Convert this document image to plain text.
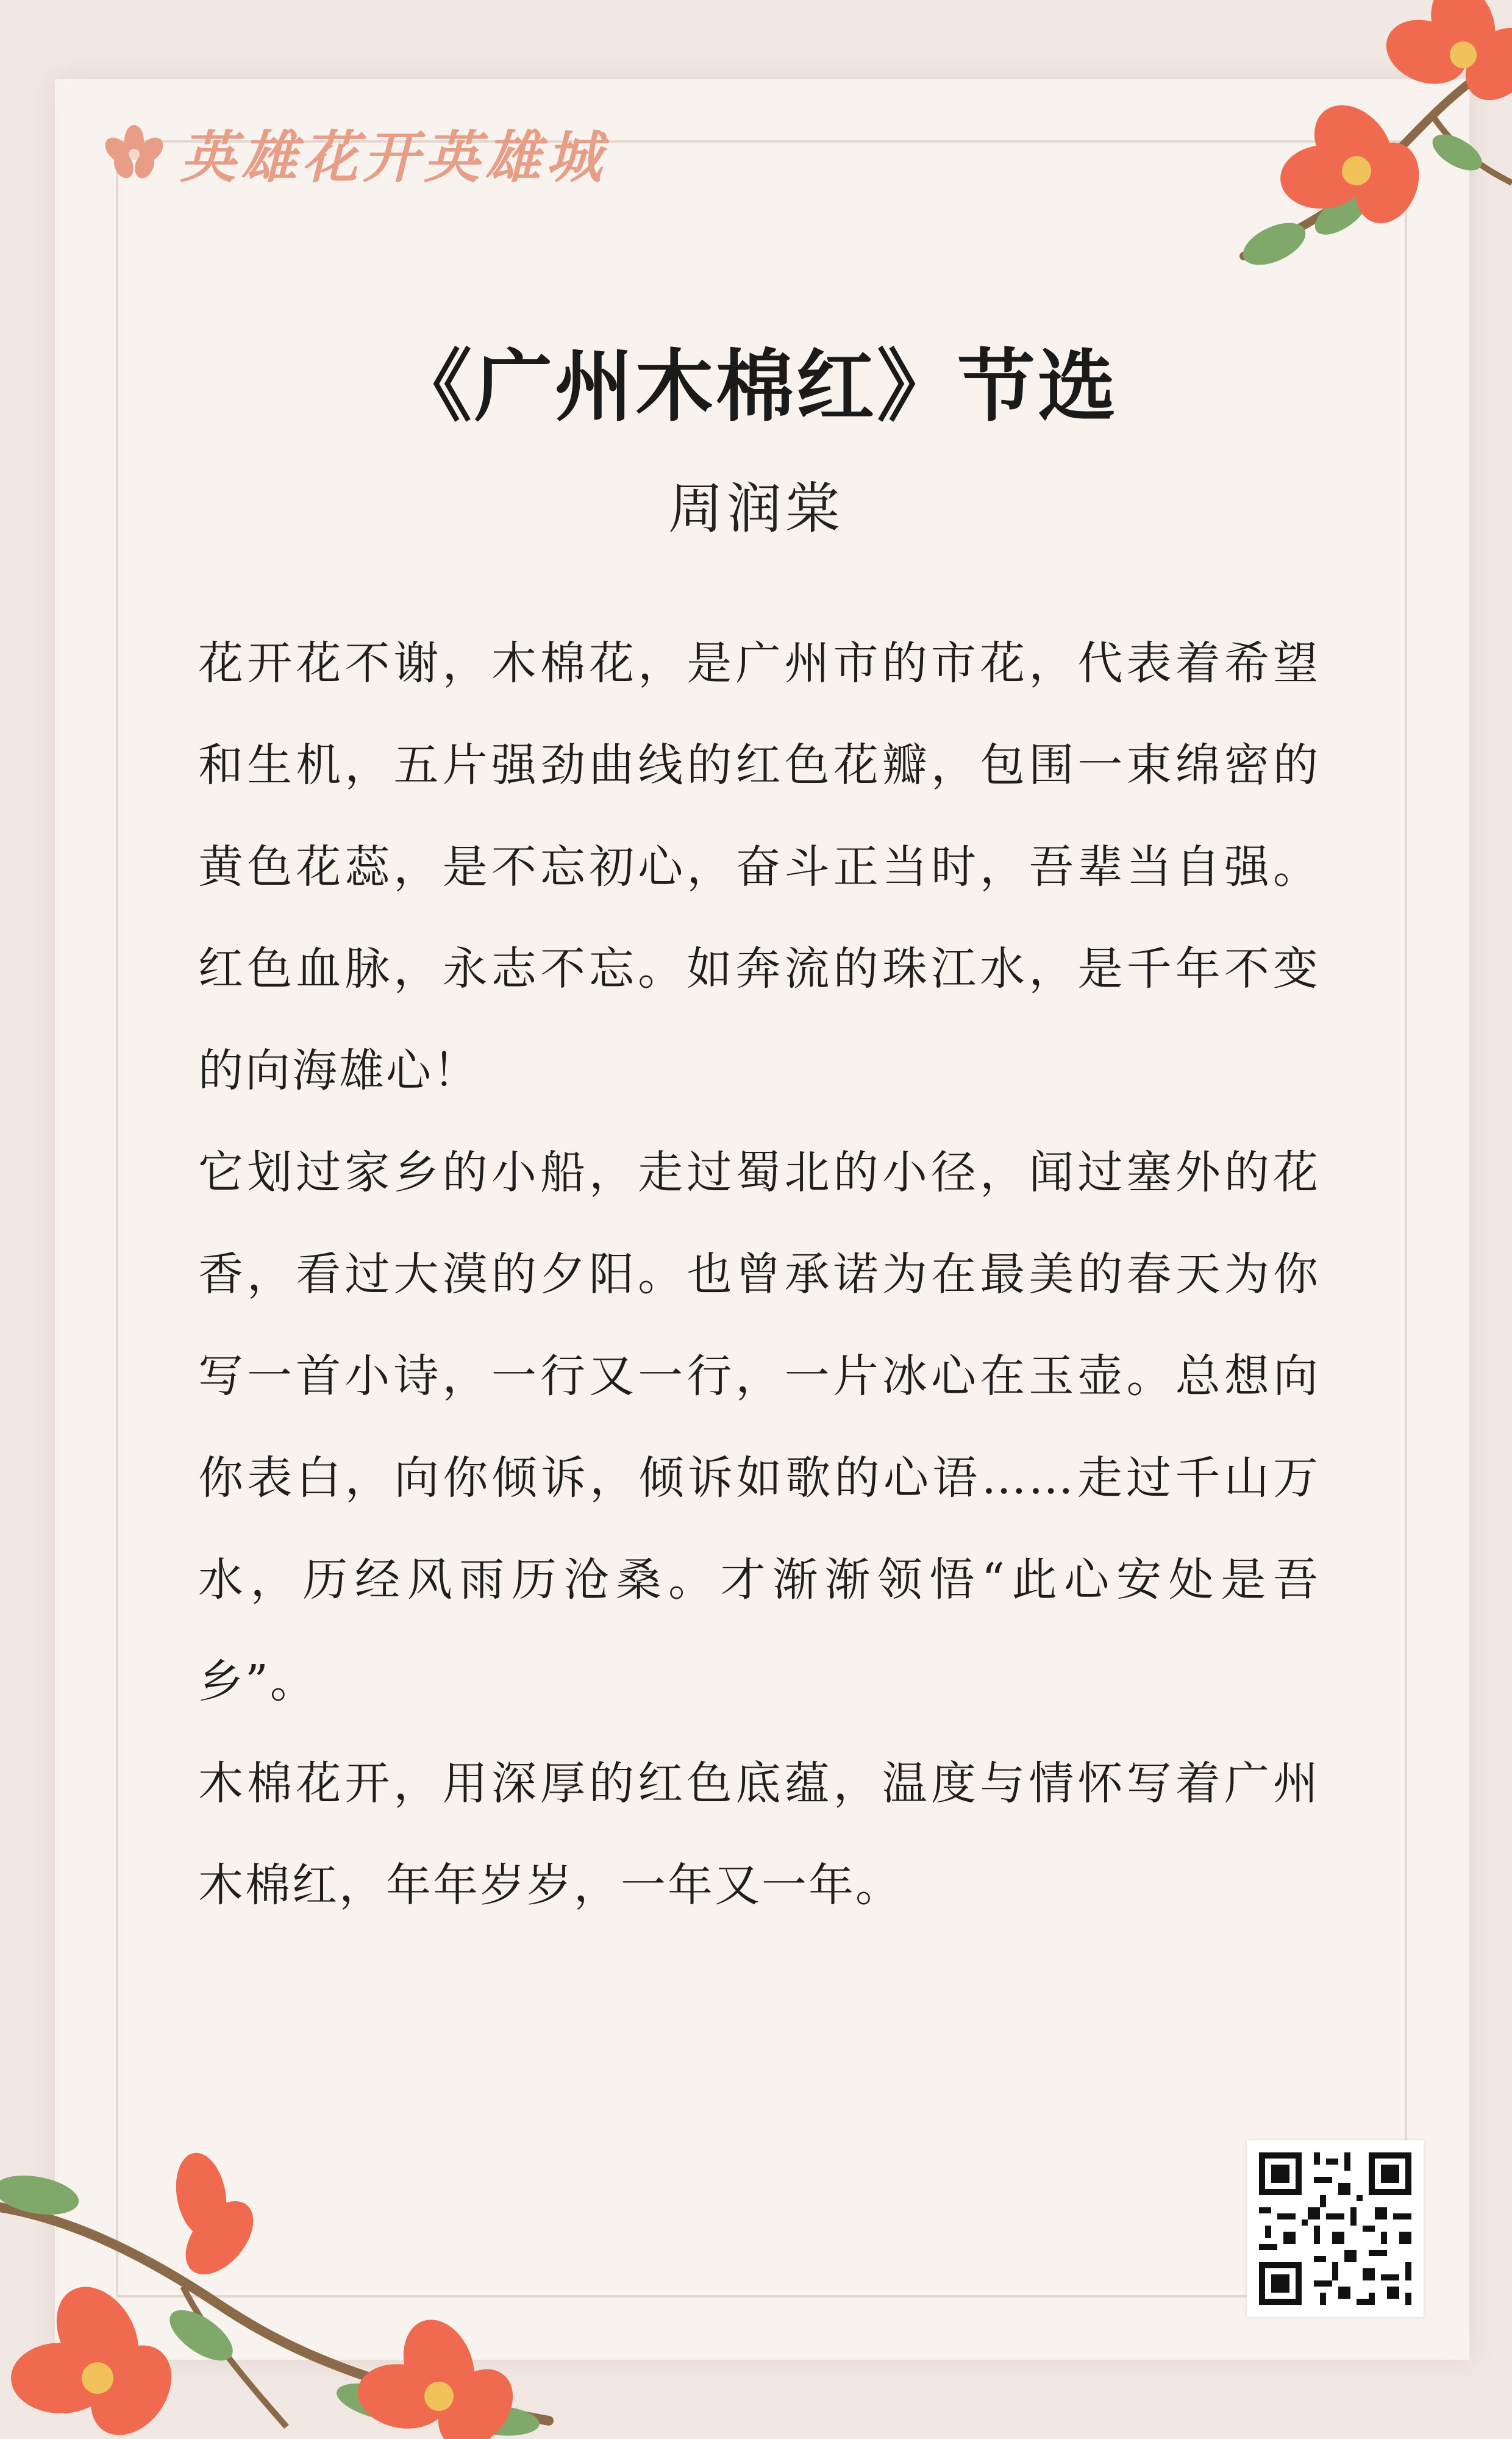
英雄花开英雄城
《广州木棉红》节选
周润棠

花开花不谢，木棉花，是广州市的市花，代表着希望和生机，五片强劲曲线的红色花瓣，包围一束绵密的黄色花蕊，是不忘初心，奋斗正当时，吾辈当自强。红色血脉，永志不忘。如奔流的珠江水，是千年不变的向海雄心！

它划过家乡的小船，走过蜀北的小径，闻过塞外的花香，看过大漠的夕阳。也曾承诺为在最美的春天为你写一首小诗，一行又一行，一片冰心在玉壶。总想向你表白，向你倾诉，倾诉如歌的心语……走过千山万水，历经风雨历沧桑。才渐渐领悟“此心安处是吾乡”。

木棉花开，用深厚的红色底蕴，温度与情怀写着广州木棉红，年年岁岁，一年又一年。
